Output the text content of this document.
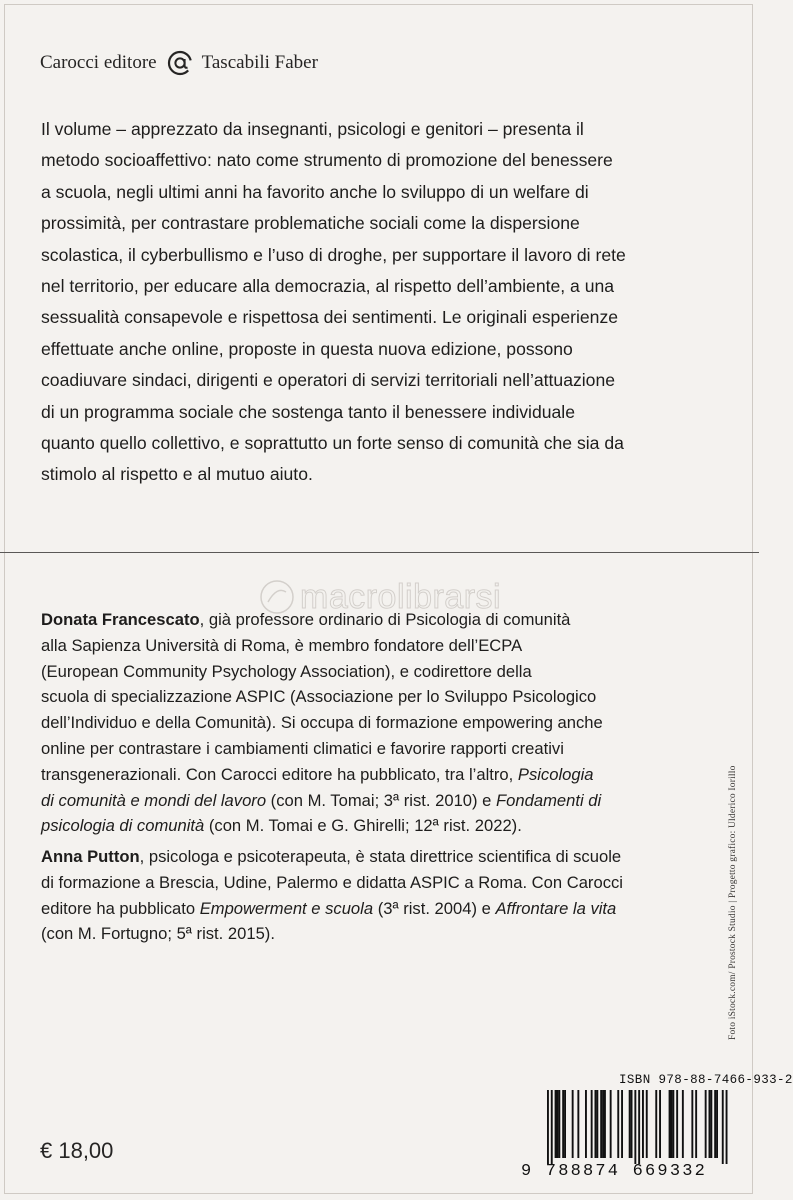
Carocci editore Tascabili Faber
Il volume – apprezzato da insegnanti, psicologi e genitori – presenta il
metodo socioaffettivo: nato come strumento di promozione del benessere
a scuola, negli ultimi anni ha favorito anche lo sviluppo di un welfare di
prossimità, per contrastare problematiche sociali come la dispersione
scolastica, il cyberbullismo e l’uso di droghe, per supportare il lavoro di rete
nel territorio, per educare alla democrazia, al rispetto dell’ambiente, a una
sessualità consapevole e rispettosa dei sentimenti. Le originali esperienze
effettuate anche online, proposte in questa nuova edizione, possono
coadiuvare sindaci, dirigenti e operatori di servizi territoriali nell’attuazione
di un programma sociale che sostenga tanto il benessere individuale
quanto quello collettivo, e soprattutto un forte senso di comunità che sia da
stimolo al rispetto e al mutuo aiuto.
macrolibrarsi
Donata Francescato, già professore ordinario di Psicologia di comunità
alla Sapienza Università di Roma, è membro fondatore dell’ECPA
(European Community Psychology Association), e codirettore della
scuola di specializzazione ASPIC (Associazione per lo Sviluppo Psicologico
dell’Individuo e della Comunità). Si occupa di formazione empowering anche
online per contrastare i cambiamenti climatici e favorire rapporti creativi
transgenerazionali. Con Carocci editore ha pubblicato, tra l’altro, Psicologia
di comunità e mondi del lavoro (con M. Tomai; 3ª rist. 2010) e Fondamenti di
psicologia di comunità (con M. Tomai e G. Ghirelli; 12ª rist. 2022).
Anna Putton, psicologa e psicoterapeuta, è stata direttrice scientifica di scuole
di formazione a Brescia, Udine, Palermo e didatta ASPIC a Roma. Con Carocci
editore ha pubblicato Empowerment e scuola (3ª rist. 2004) e Affrontare la vita
(con M. Fortugno; 5ª rist. 2015).	Foto iStock.com/ Prostock Studio | Progetto grafico: Ulderico Iorillo
€ 18,00
ISBN 978-88-7466-933-2
9 788874 669332
